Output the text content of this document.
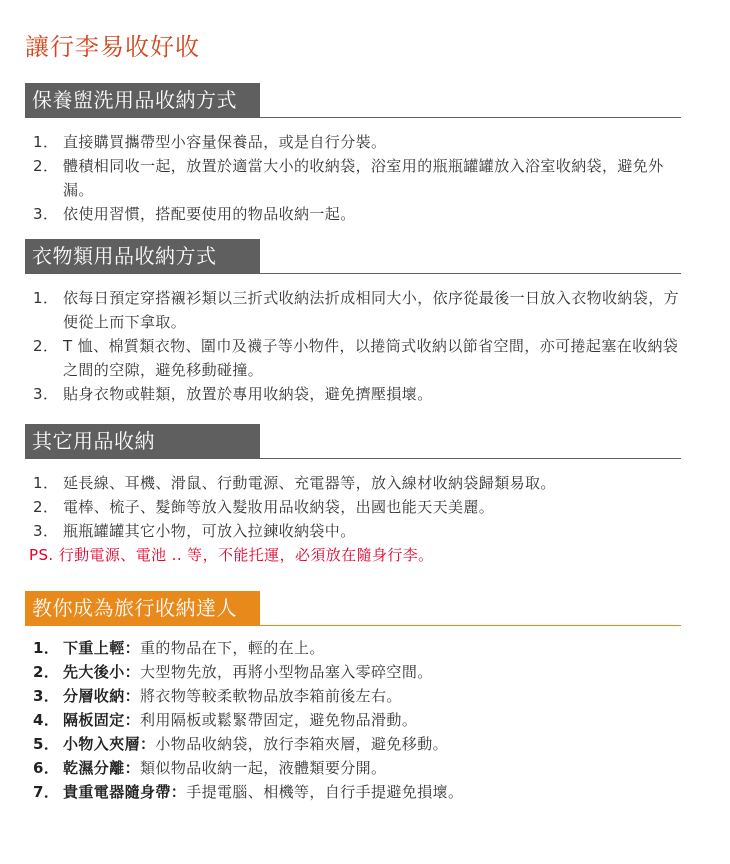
讓行李易收好收
保養盥洗用品收納方式
1． 直接購買攜帶型小容量保養品，或是自行分裝。
2． 體積相同收一起，放置於適當大小的收納袋，浴室用的瓶瓶罐罐放入浴室收納袋，避免外漏。
3． 依使用習慣，搭配要使用的物品收納一起。
衣物類用品收納方式
1． 依每日預定穿搭襯衫類以三折式收納法折成相同大小，依序從最後一日放入衣物收納袋，方便從上而下拿取。
2． T 恤、棉質類衣物、圍巾及襪子等小物件，以捲筒式收納以節省空間，亦可捲起塞在收納袋之間的空隙，避免移動碰撞。
3． 貼身衣物或鞋類，放置於專用收納袋，避免擠壓損壞。
其它用品收納
1． 延長線、耳機、滑鼠、行動電源、充電器等，放入線材收納袋歸類易取。
2． 電棒、梳子、髮飾等放入髮妝用品收納袋，出國也能天天美麗。
3． 瓶瓶罐罐其它小物，可放入拉鍊收納袋中。
PS. 行動電源、電池 .. 等，不能托運，必須放在隨身行李。
教你成為旅行收納達人
1． 下重上輕：重的物品在下，輕的在上。
2． 先大後小：大型物先放，再將小型物品塞入零碎空間。
3． 分層收納：將衣物等較柔軟物品放李箱前後左右。
4． 隔板固定：利用隔板或鬆緊帶固定，避免物品滑動。
5． 小物入夾層：小物品收納袋，放行李箱夾層，避免移動。
6． 乾濕分離：類似物品收納一起，液體類要分開。
7． 貴重電器隨身帶：手提電腦、相機等，自行手提避免損壞。
